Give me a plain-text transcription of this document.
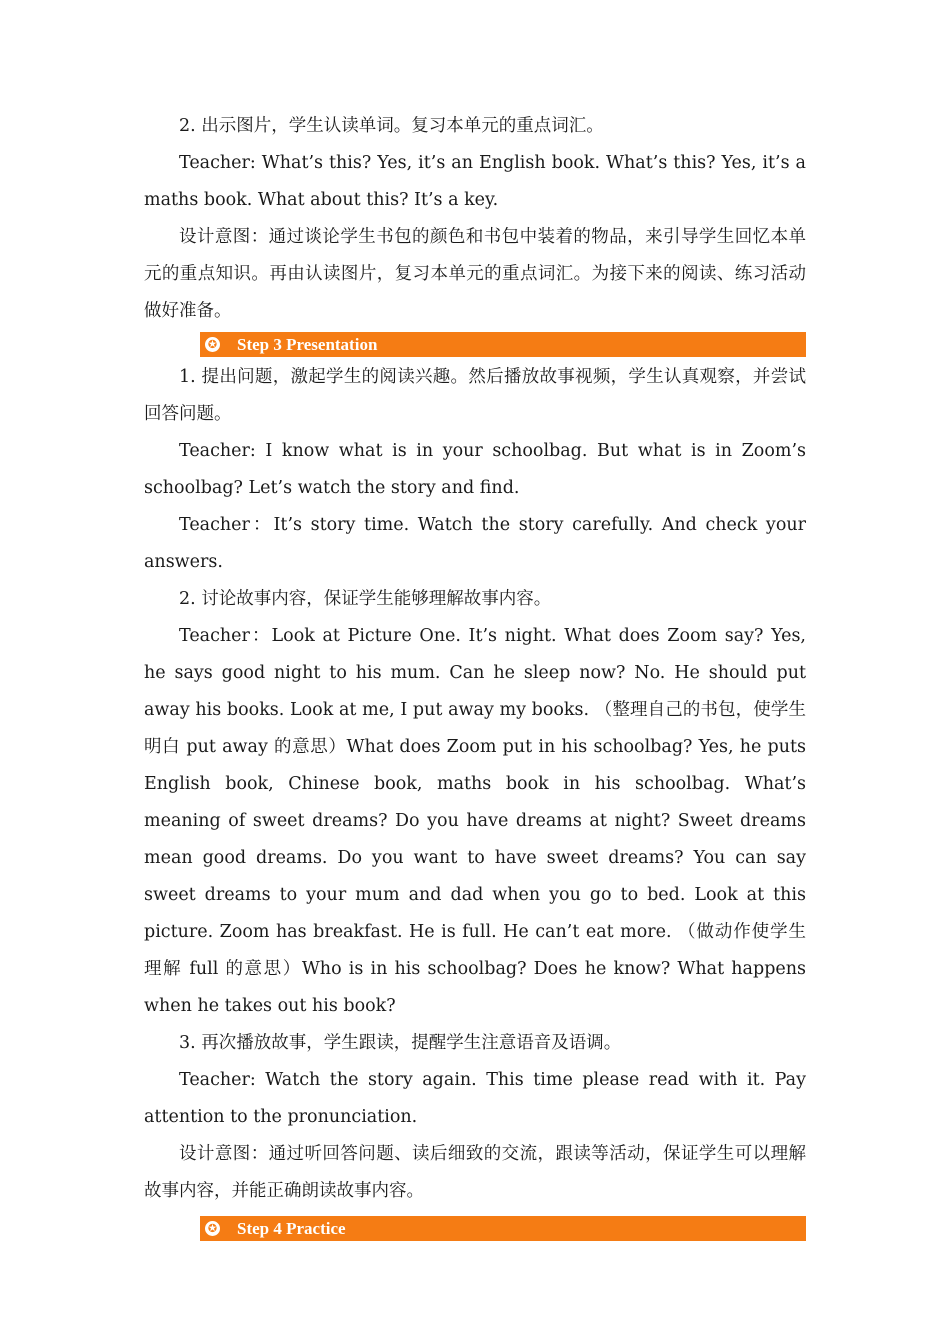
2. 出示图片，学生认读单词。复习本单元的重点词汇。

Teacher: What’s this? Yes, it’s an English book. What’s this? Yes, it’s a maths book. What about this? It’s a key.

设计意图：通过谈论学生书包的颜色和书包中装着的物品，来引导学生回忆本单元的重点知识。再由认读图片，复习本单元的重点词汇。为接下来的阅读、练习活动做好准备。

✪ Step 3 Presentation

1. 提出问题，激起学生的阅读兴趣。然后播放故事视频，学生认真观察，并尝试回答问题。

Teacher: I know what is in your schoolbag. But what is in Zoom’s schoolbag? Let’s watch the story and find.

Teacher：It’s story time. Watch the story carefully. And check your answers.

2. 讨论故事内容，保证学生能够理解故事内容。

Teacher：Look at Picture One. It’s night. What does Zoom say? Yes, he says good night to his mum. Can he sleep now? No. He should put away his books. Look at me, I put away my books. （整理自己的书包，使学生明白 put away 的意思）What does Zoom put in his schoolbag? Yes, he puts English book, Chinese book, maths book in his schoolbag. What’s meaning of sweet dreams? Do you have dreams at night? Sweet dreams mean good dreams. Do you want to have sweet dreams? You can say sweet dreams to your mum and dad when you go to bed. Look at this picture. Zoom has breakfast. He is full. He can’t eat more. （做动作使学生理解 full 的意思）Who is in his schoolbag? Does he know? What happens when he takes out his book?

3. 再次播放故事，学生跟读，提醒学生注意语音及语调。

Teacher: Watch the story again. This time please read with it. Pay attention to the pronunciation.

设计意图：通过听回答问题、读后细致的交流，跟读等活动，保证学生可以理解故事内容，并能正确朗读故事内容。

✪ Step 4 Practice
